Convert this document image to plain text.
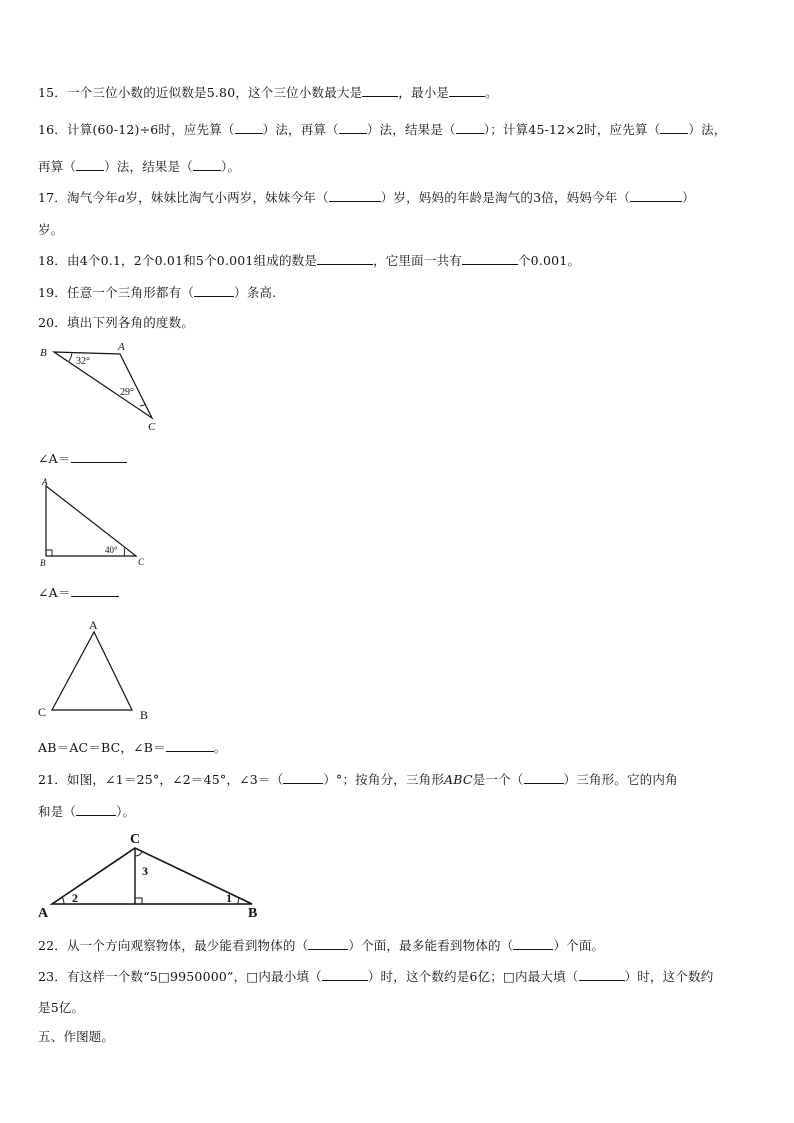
15．一个三位小数的近似数是5.80，这个三位小数最大是	，最小是	。
16．计算(60-12)÷6时，应先算（ ）法，再算（ ）法，结果是（ ）；计算45-12×2时，应先算（ ）法，
再算（ ）法，结果是（ ）。
17．淘气今年a岁，妹妹比淘气小两岁，妹妹今年（	）岁，妈妈的年龄是淘气的3倍，妈妈今年（	）
岁。
18．由4个0.1，2个0.01和5个0.001组成的数是	，它里面一共有	个0.001。
19．任意一个三角形都有（	）条高.
20．填出下列各角的度数。
B	A
C
32°
29°
∠A＝
A
B	C
40°
∠A＝
A
C	B
AB＝AC＝BC，∠B＝	。
21．如图，∠1＝25°，∠2＝45°，∠3＝（	）°；按角分，三角形ABC是一个（	）三角形。它的内角
和是（	）。
A
C
B
2
3
1
22．从一个方向观察物体，最少能看到物体的（	）个面，最多能看到物体的（	）个面。
23．有这样一个数“5□9950000”，□内最小填（	）时，这个数约是6亿；□内最大填（	）时，这个数约
是5亿。
五、作图题。
